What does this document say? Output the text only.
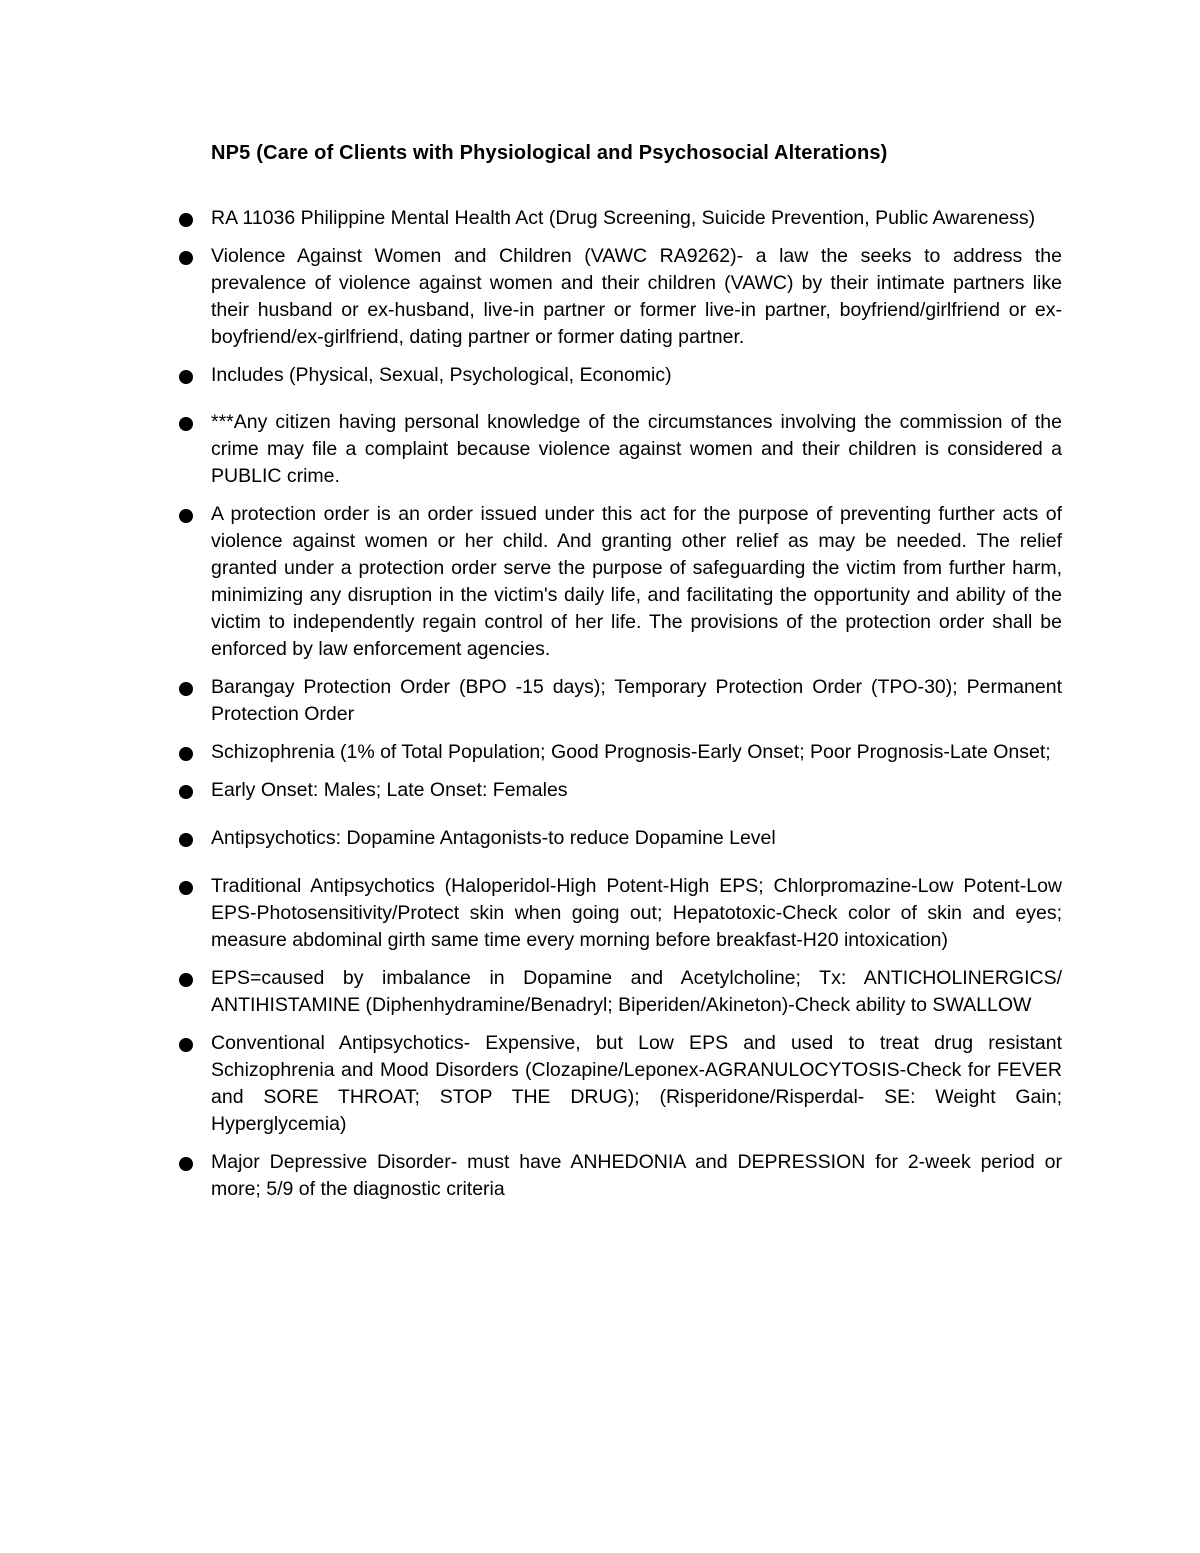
NP5 (Care of Clients with Physiological and Psychosocial Alterations)
RA 11036 Philippine Mental Health Act (Drug Screening, Suicide Prevention, Public Awareness)
Violence Against Women and Children (VAWC RA9262)- a law the seeks to address the prevalence of violence against women and their children (VAWC) by their intimate partners like their husband or ex-husband, live-in partner or former live-in partner, boyfriend/girlfriend or ex-boyfriend/ex-girlfriend, dating partner or former dating partner.
Includes (Physical, Sexual, Psychological, Economic)
***Any citizen having personal knowledge of the circumstances involving the commission of the crime may file a complaint because violence against women and their children is considered a PUBLIC crime.
A protection order is an order issued under this act for the purpose of preventing further acts of violence against women or her child. And granting other relief as may be needed. The relief granted under a protection order serve the purpose of safeguarding the victim from further harm, minimizing any disruption in the victim's daily life, and facilitating the opportunity and ability of the victim to independently regain control of her life. The provisions of the protection order shall be enforced by law enforcement agencies.
Barangay Protection Order (BPO -15 days); Temporary Protection Order (TPO-30); Permanent Protection Order
Schizophrenia (1% of Total Population; Good Prognosis-Early Onset; Poor Prognosis-Late Onset;
Early Onset: Males; Late Onset: Females
Antipsychotics: Dopamine Antagonists-to reduce Dopamine Level
Traditional Antipsychotics (Haloperidol-High Potent-High EPS; Chlorpromazine-Low Potent-Low EPS-Photosensitivity/Protect skin when going out; Hepatotoxic-Check color of skin and eyes; measure abdominal girth same time every morning before breakfast-H20 intoxication)
EPS=caused by imbalance in Dopamine and Acetylcholine; Tx: ANTICHOLINERGICS/ ANTIHISTAMINE (Diphenhydramine/Benadryl; Biperiden/Akineton)-Check ability to SWALLOW
Conventional Antipsychotics- Expensive, but Low EPS and used to treat drug resistant Schizophrenia and Mood Disorders (Clozapine/Leponex-AGRANULOCYTOSIS-Check for FEVER and SORE THROAT; STOP THE DRUG); (Risperidone/Risperdal- SE: Weight Gain; Hyperglycemia)
Major Depressive Disorder- must have ANHEDONIA and DEPRESSION for 2-week period or more; 5/9 of the diagnostic criteria
